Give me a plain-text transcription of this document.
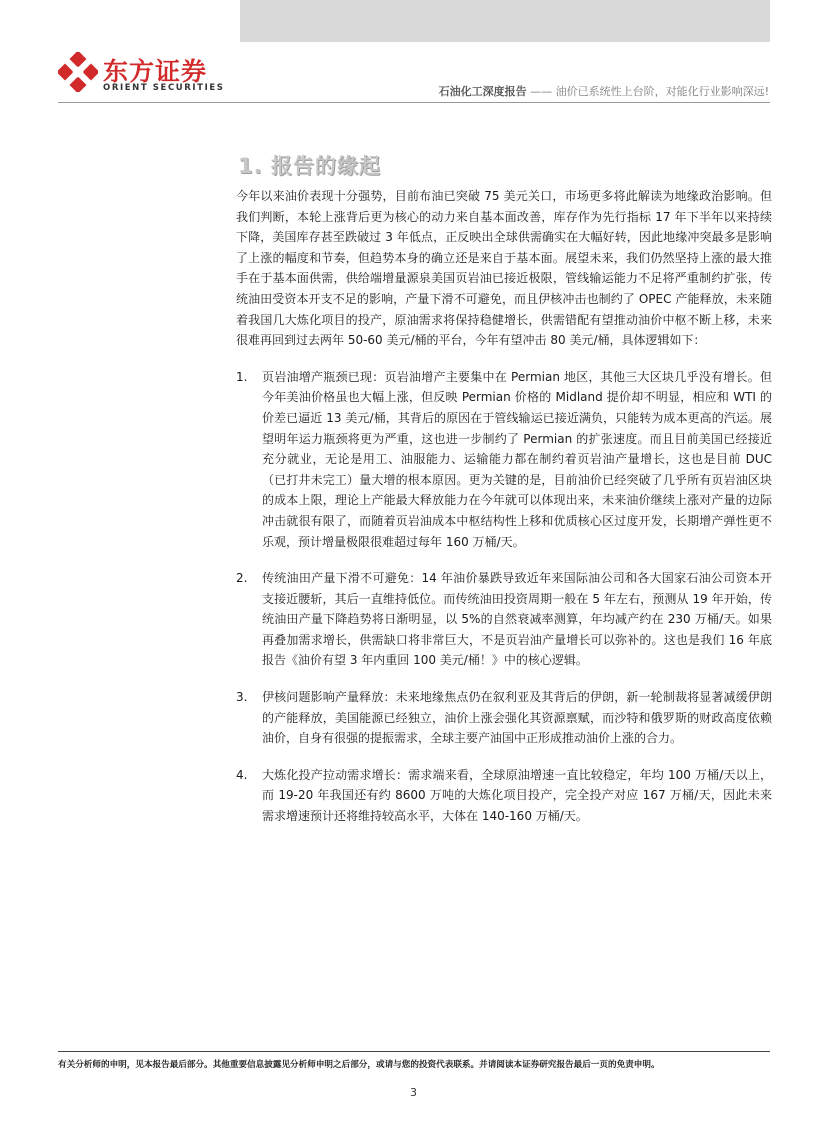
东方证券
ORIENT SECURITIES	石油化工深度报告 —— 油价已系统性上台阶，对能化行业影响深远!
1. 报告的缘起

今年以来油价表现十分强势，目前布油已突破 75 美元关口，市场更多将此解读为地缘政治影响。但我们判断，本轮上涨背后更为核心的动力来自基本面改善，库存作为先行指标 17 年下半年以来持续下降，美国库存甚至跌破过 3 年低点，正反映出全球供需确实在大幅好转，因此地缘冲突最多是影响了上涨的幅度和节奏，但趋势本身的确立还是来自于基本面。展望未来，我们仍然坚持上涨的最大推手在于基本面供需，供给端增量源泉美国页岩油已接近极限，管线输运能力不足将严重制约扩张，传统油田受资本开支不足的影响，产量下滑不可避免，而且伊核冲击也制约了 OPEC 产能释放，未来随着我国几大炼化项目的投产，原油需求将保持稳健增长，供需错配有望推动油价中枢不断上移，未来很难再回到过去两年 50-60 美元/桶的平台，今年有望冲击 80 美元/桶，具体逻辑如下：

1. 页岩油增产瓶颈已现：页岩油增产主要集中在 Permian 地区，其他三大区块几乎没有增长。但今年美油价格虽也大幅上涨，但反映 Permian 价格的 Midland 提价却不明显，相应和 WTI 的价差已逼近 13 美元/桶，其背后的原因在于管线输运已接近满负，只能转为成本更高的汽运。展望明年运力瓶颈将更为严重，这也进一步制约了 Permian 的扩张速度。而且目前美国已经接近充分就业，无论是用工、油服能力、运输能力都在制约着页岩油产量增长，这也是目前 DUC（已打井未完工）量大增的根本原因。更为关键的是，目前油价已经突破了几乎所有页岩油区块的成本上限，理论上产能最大释放能力在今年就可以体现出来，未来油价继续上涨对产量的边际冲击就很有限了，而随着页岩油成本中枢结构性上移和优质核心区过度开发，长期增产弹性更不乐观，预计增量极限很难超过每年 160 万桶/天。
2. 传统油田产量下滑不可避免：14 年油价暴跌导致近年来国际油公司和各大国家石油公司资本开支接近腰斩，其后一直维持低位。而传统油田投资周期一般在 5 年左右，预测从 19 年开始，传统油田产量下降趋势将日渐明显，以 5%的自然衰减率测算，年均减产约在 230 万桶/天。如果再叠加需求增长，供需缺口将非常巨大，不是页岩油产量增长可以弥补的。这也是我们 16 年底报告《油价有望 3 年内重回 100 美元/桶！》中的核心逻辑。
3. 伊核问题影响产量释放：未来地缘焦点仍在叙利亚及其背后的伊朗，新一轮制裁将显著减缓伊朗的产能释放，美国能源已经独立，油价上涨会强化其资源禀赋，而沙特和俄罗斯的财政高度依赖油价，自身有很强的提振需求，全球主要产油国中正形成推动油价上涨的合力。
4. 大炼化投产拉动需求增长：需求端来看，全球原油增速一直比较稳定，年均 100 万桶/天以上，而 19-20 年我国还有约 8600 万吨的大炼化项目投产，完全投产对应 167 万桶/天，因此未来需求增速预计还将维持较高水平，大体在 140-160 万桶/天。
有关分析师的申明，见本报告最后部分。其他重要信息披露见分析师申明之后部分，或请与您的投资代表联系。并请阅读本证券研究报告最后一页的免责申明。
3
